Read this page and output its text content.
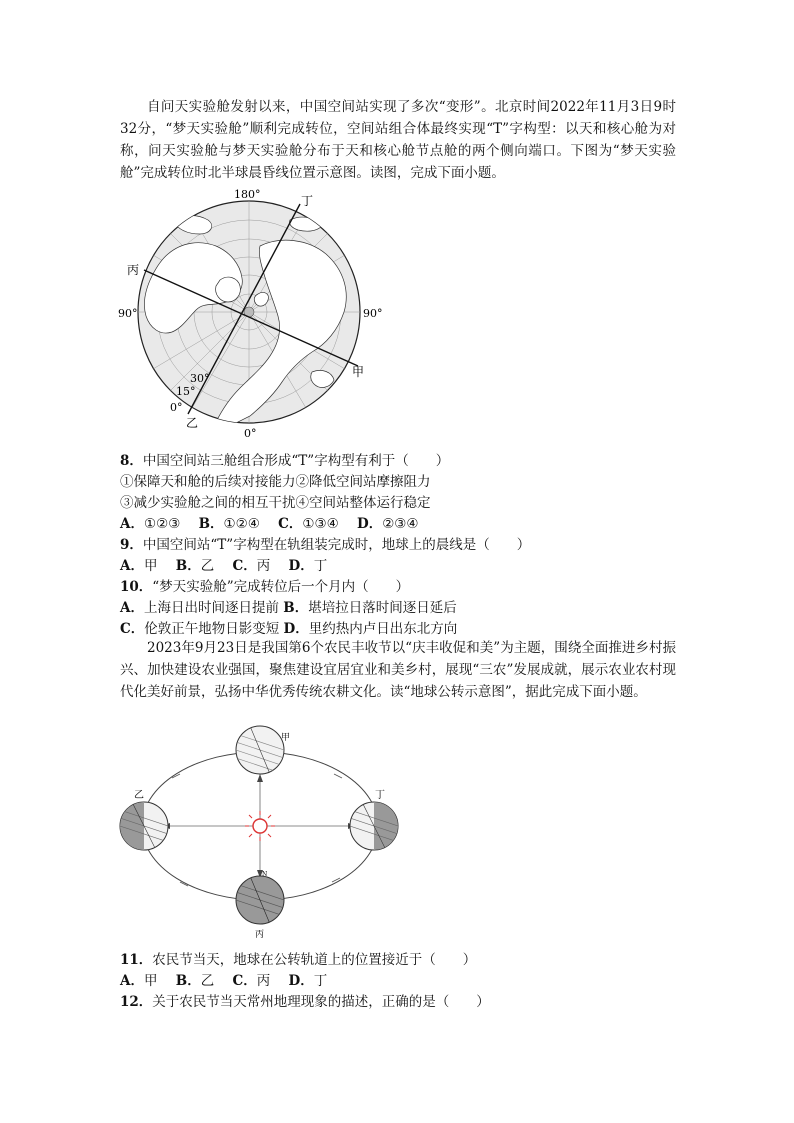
自问天实验舱发射以来，中国空间站实现了多次“变形”。北京时间2022年11月3日9时32分，“梦天实验舱”顺利完成转位，空间站组合体最终实现“T”字构型：以天和核心舱为对称，问天实验舱与梦天实验舱分布于天和核心舱节点舱的两个侧向端口。下图为“梦天实验舱”完成转位时北半球晨昏线位置示意图。读图，完成下面小题。

180°	丁
丙
90°	90°
甲
30°
15°
0°
乙
0°
8．中国空间站三舱组合形成“T”字构型有利于（　　）
①保障天和舱的后续对接能力②降低空间站摩擦阻力
③减少实验舱之间的相互干扰④空间站整体运行稳定
A．①②③ B．①②④ C．①③④ D．②③④
9．中国空间站“T”字构型在轨组装完成时，地球上的晨线是（　　）
A．甲 B．乙 C．丙 D．丁
10．“梦天实验舱”完成转位后一个月内（　　）
A．上海日出时间逐日提前 B．堪培拉日落时间逐日延后
C．伦敦正午地物日影变短 D．里约热内卢日出东北方向

2023年9月23日是我国第6个农民丰收节以“庆丰收促和美”为主题，围绕全面推进乡村振兴、加快建设农业强国，聚焦建设宜居宜业和美乡村，展现“三农”发展成就，展示农业农村现代化美好前景，弘扬中华优秀传统农耕文化。读“地球公转示意图”，据此完成下面小题。

甲
乙	丁
丙
N
11．农民节当天，地球在公转轨道上的位置接近于（　　）
A．甲 B．乙 C．丙 D．丁
12．关于农民节当天常州地理现象的描述，正确的是（　　）
